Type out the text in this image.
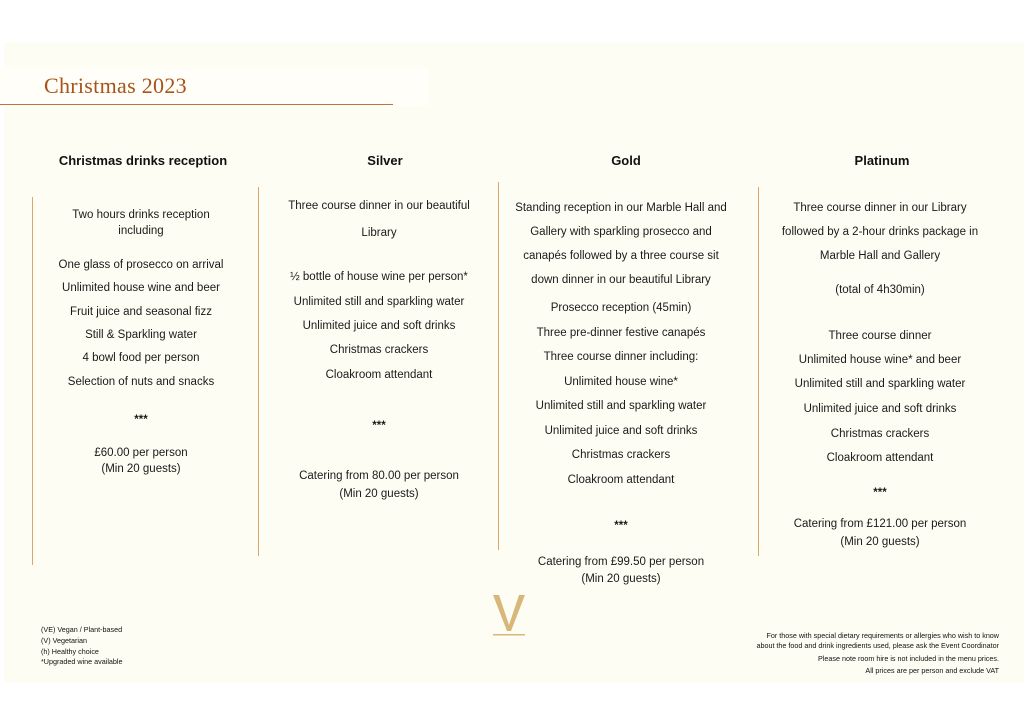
Christmas 2023
Christmas drinks reception	Silver	Gold	Platinum
Two hours drinks reception
including
One glass of prosecco on arrival
Unlimited house wine and beer
Fruit juice and seasonal fizz
Still & Sparkling water
4 bowl food per person
Selection of nuts and snacks
***
£60.00 per person
(Min 20 guests)
Three course dinner in our beautiful
Library
½ bottle of house wine per person*
Unlimited still and sparkling water
Unlimited juice and soft drinks
Christmas crackers
Cloakroom attendant
***
Catering from 80.00 per person
(Min 20 guests)
Standing reception in our Marble Hall and
Gallery with sparkling prosecco and
canapés followed by a three course sit
down dinner in our beautiful Library
Prosecco reception (45min)
Three pre-dinner festive canapés
Three course dinner including:
Unlimited house wine*
Unlimited still and sparkling water
Unlimited juice and soft drinks
Christmas crackers
Cloakroom attendant
***
Catering from £99.50 per person
(Min 20 guests)
Three course dinner in our Library
followed by a 2-hour drinks package in
Marble Hall and Gallery
(total of 4h30min)
Three course dinner
Unlimited house wine* and beer
Unlimited still and sparkling water
Unlimited juice and soft drinks
Christmas crackers
Cloakroom attendant
***
Catering from £121.00 per person
(Min 20 guests)
(VE) Vegan / Plant-based
(V) Vegetarian
(h) Healthy choice
*Upgraded wine available
For those with special dietary requirements or allergies who wish to know
about the food and drink ingredients used, please ask the Event Coordinator
Please note room hire is not included in the menu prices.
All prices are per person and exclude VAT
